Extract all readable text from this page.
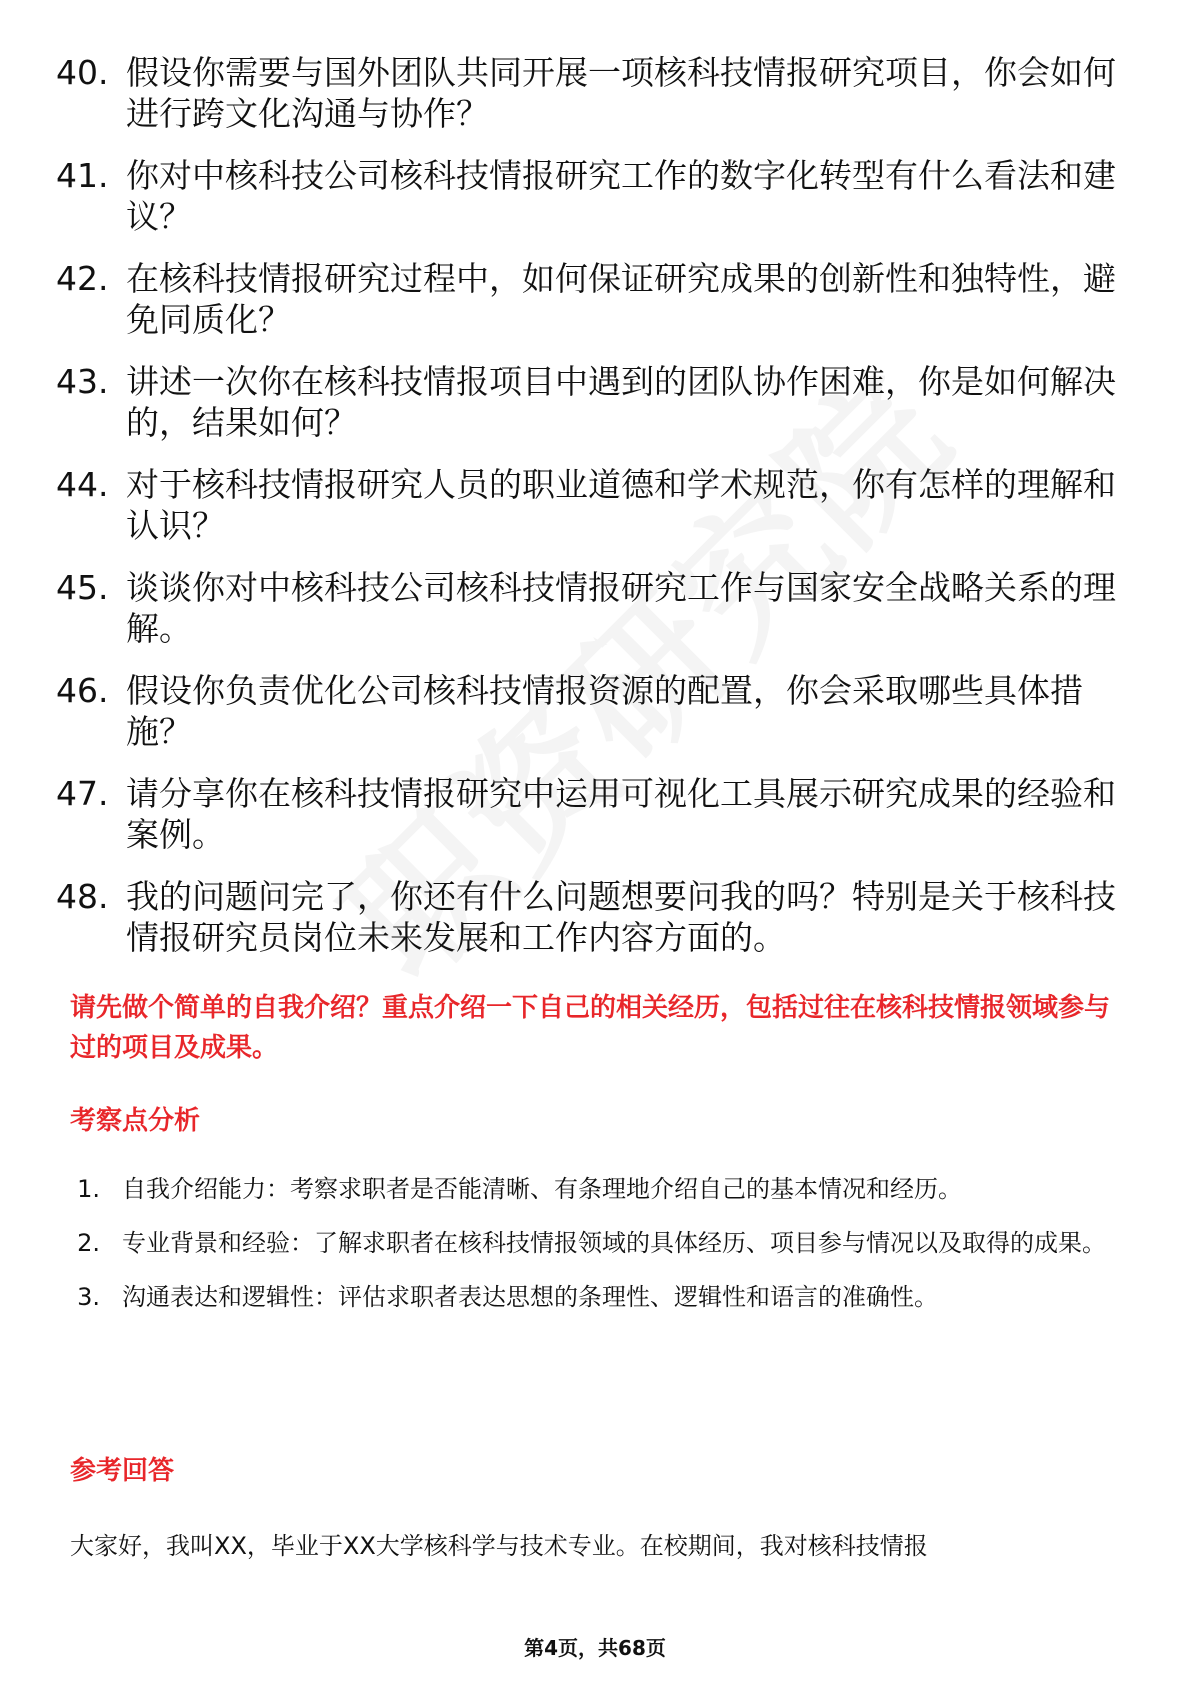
40. 假设你需要与国外团队共同开展一项核科技情报研究项目，你会如何进行跨文化沟通与协作？
41. 你对中核科技公司核科技情报研究工作的数字化转型有什么看法和建议？
42. 在核科技情报研究过程中，如何保证研究成果的创新性和独特性，避免同质化？
43. 讲述一次你在核科技情报项目中遇到的团队协作困难，你是如何解决的，结果如何？
44. 对于核科技情报研究人员的职业道德和学术规范，你有怎样的理解和认识？
45. 谈谈你对中核科技公司核科技情报研究工作与国家安全战略关系的理解。
46. 假设你负责优化公司核科技情报资源的配置，你会采取哪些具体措施？
47. 请分享你在核科技情报研究中运用可视化工具展示研究成果的经验和案例。
48. 我的问题问完了，你还有什么问题想要问我的吗？特别是关于核科技情报研究员岗位未来发展和工作内容方面的。
请先做个简单的自我介绍？重点介绍一下自己的相关经历，包括过往在核科技情报领域参与过的项目及成果。
考察点分析
1. 自我介绍能力：考察求职者是否能清晰、有条理地介绍自己的基本情况和经历。
2. 专业背景和经验：了解求职者在核科技情报领域的具体经历、项目参与情况以及取得的成果。
3. 沟通表达和逻辑性：评估求职者表达思想的条理性、逻辑性和语言的准确性。
参考回答
大家好，我叫XX，毕业于XX大学核科学与技术专业。在校期间，我对核科技情报
第4页，共68页
